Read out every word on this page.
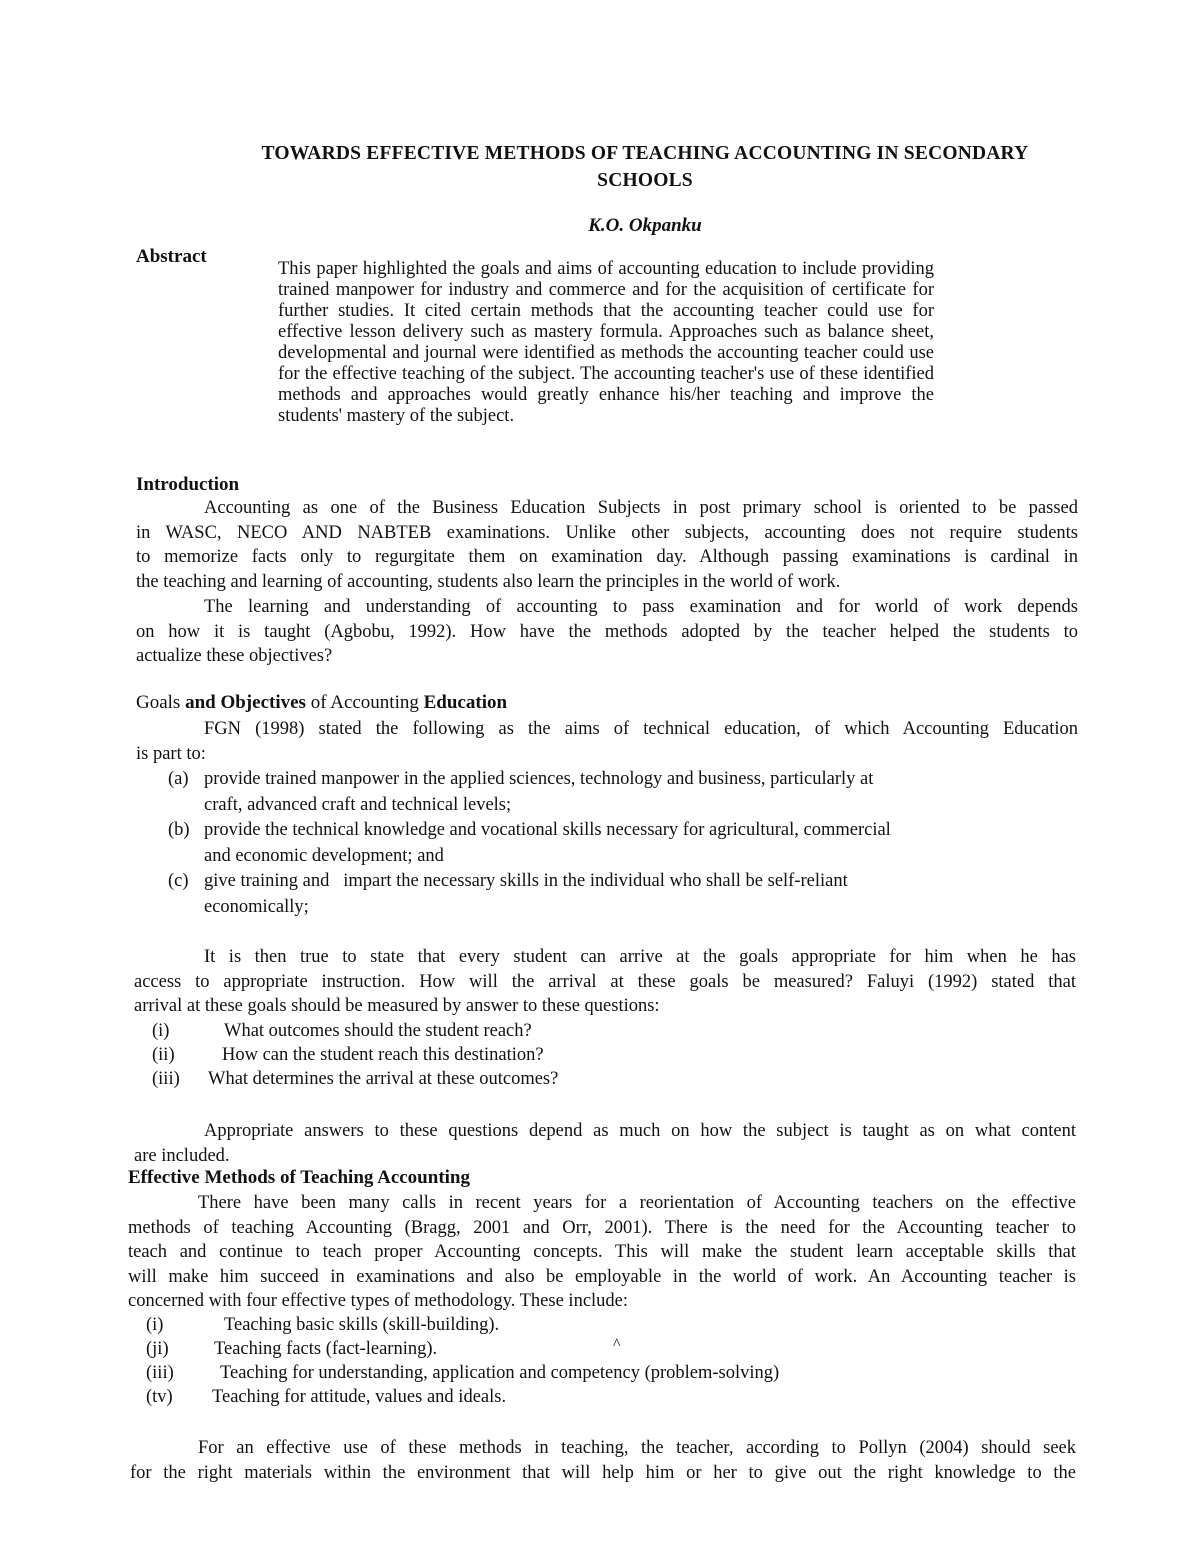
TOWARDS EFFECTIVE METHODS OF TEACHING ACCOUNTING IN SECONDARY
SCHOOLS
K.O. Okpanku
Abstract
This paper highlighted the goals and aims of accounting education to include providing trained manpower for industry and commerce and for the acquisition of certificate for further studies. It cited certain methods that the accounting teacher could use for effective lesson delivery such as mastery formula. Approaches such as balance sheet, developmental and journal were identified as methods the accounting teacher could use for the effective teaching of the subject. The accounting teacher's use of these identified methods and approaches would greatly enhance his/her teaching and improve the students' mastery of the subject.
Introduction
Accounting as one of the Business Education Subjects in post primary school is oriented to be passed
in WASC, NECO AND NABTEB examinations. Unlike other subjects, accounting does not require students
to memorize facts only to regurgitate them on examination day. Although passing examinations is cardinal in
the teaching and learning of accounting, students also learn the principles in the world of work.
The learning and understanding of accounting to pass examination and for world of work depends
on how it is taught (Agbobu, 1992). How have the methods adopted by the teacher helped the students to
actualize these objectives?
Goals and Objectives of Accounting Education
FGN (1998) stated the following as the aims of technical education, of which Accounting Education
is part to:
(a) provide trained manpower in the applied sciences, technology and business, particularly at
craft, advanced craft and technical levels;
(b) provide the technical knowledge and vocational skills necessary for agricultural, commercial
and economic development; and
(c) give training and   impart the necessary skills in the individual who shall be self-reliant
economically;
It is then true to state that every student can arrive at the goals appropriate for him when he has
access to appropriate instruction. How will the arrival at these goals be measured? Faluyi (1992) stated that
arrival at these goals should be measured by answer to these questions:
(i)	What outcomes should the student reach?
(ii)	How can the student reach this destination?
(iii) What determines the arrival at these outcomes?
Appropriate answers to these questions depend as much on how the subject is taught as on what content
are included.
Effective Methods of Teaching Accounting
There have been many calls in recent years for a reorientation of Accounting teachers on the effective
methods of teaching Accounting (Bragg, 2001 and Orr, 2001). There is the need for the Accounting teacher to
teach and continue to teach proper Accounting concepts. This will make the student learn acceptable skills that
will make him succeed in examinations and also be employable in the world of work. An Accounting teacher is
concerned with four effective types of methodology. These include:
(i)	Teaching basic skills (skill-building).
(ji) Teaching facts (fact-learning).
(iii)	Teaching for understanding, application and competency (problem-solving)
(tv) Teaching for attitude, values and ideals.
^
For an effective use of these methods in teaching, the teacher, according to Pollyn (2004) should seek
for the right materials within the environment that will help him or her to give out the right knowledge to the
